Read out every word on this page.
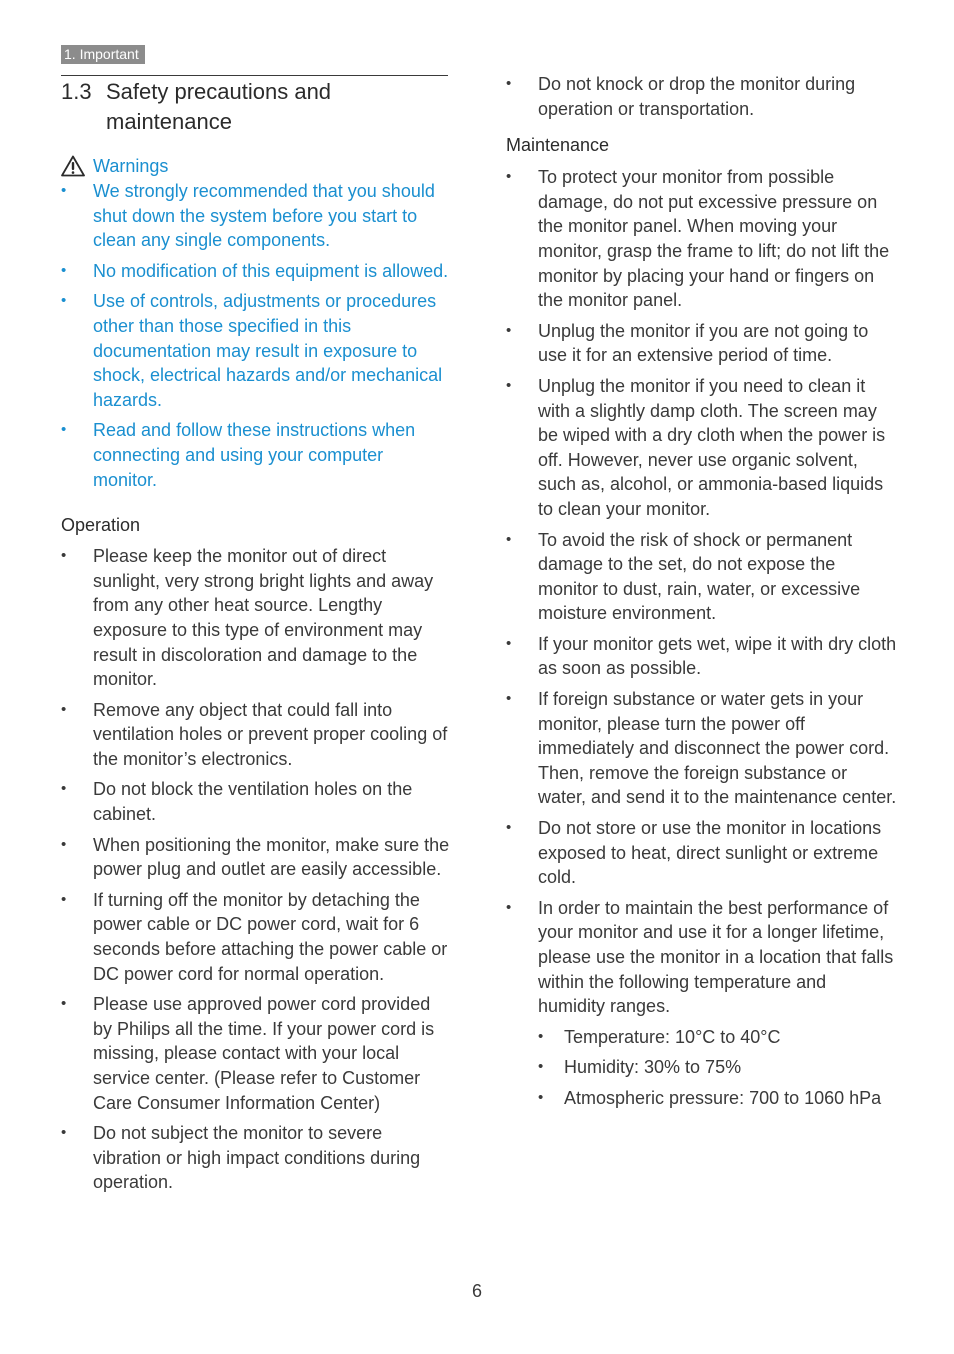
1. Important
1.3 Safety precautions and maintenance
Warnings
• We strongly recommended that you should shut down the system before you start to clean any single components.
• No modification of this equipment is allowed.
• Use of controls, adjustments or procedures other than those specified in this documentation may result in exposure to shock, electrical hazards and/or mechanical hazards.
• Read and follow these instructions when connecting and using your computer monitor.
Operation
• Please keep the monitor out of direct sunlight, very strong bright lights and away from any other heat source. Lengthy exposure to this type of environment may result in discoloration and damage to the monitor.
• Remove any object that could fall into ventilation holes or prevent proper cooling of the monitor’s electronics.
• Do not block the ventilation holes on the cabinet.
• When positioning the monitor, make sure the power plug and outlet are easily accessible.
• If turning off the monitor by detaching the power cable or DC power cord, wait for 6 seconds before attaching the power cable or DC power cord for normal operation.
• Please use approved power cord provided by Philips all the time. If your power cord is missing, please contact with your local service center. (Please refer to Customer Care Consumer Information Center)
• Do not subject the monitor to severe vibration or high impact conditions during operation.
• Do not knock or drop the monitor during operation or transportation.
Maintenance
• To protect your monitor from possible damage, do not put excessive pressure on the monitor panel. When moving your monitor, grasp the frame to lift; do not lift the monitor by placing your hand or fingers on the monitor panel.
• Unplug the monitor if you are not going to use it for an extensive period of time.
• Unplug the monitor if you need to clean it with a slightly damp cloth. The screen may be wiped with a dry cloth when the power is off. However, never use organic solvent, such as, alcohol, or ammonia-based liquids to clean your monitor.
• To avoid the risk of shock or permanent damage to the set, do not expose the monitor to dust, rain, water, or excessive moisture environment.
• If your monitor gets wet, wipe it with dry cloth as soon as possible.
• If foreign substance or water gets in your monitor, please turn the power off immediately and disconnect the power cord. Then, remove the foreign substance or water, and send it to the maintenance center.
• Do not store or use the monitor in locations exposed to heat, direct sunlight or extreme cold.
• In order to maintain the best performance of your monitor and use it for a longer lifetime, please use the monitor in a location that falls within the following temperature and humidity ranges.
• Temperature: 10°C to 40°C
• Humidity: 30% to 75%
• Atmospheric pressure: 700 to 1060 hPa
6
